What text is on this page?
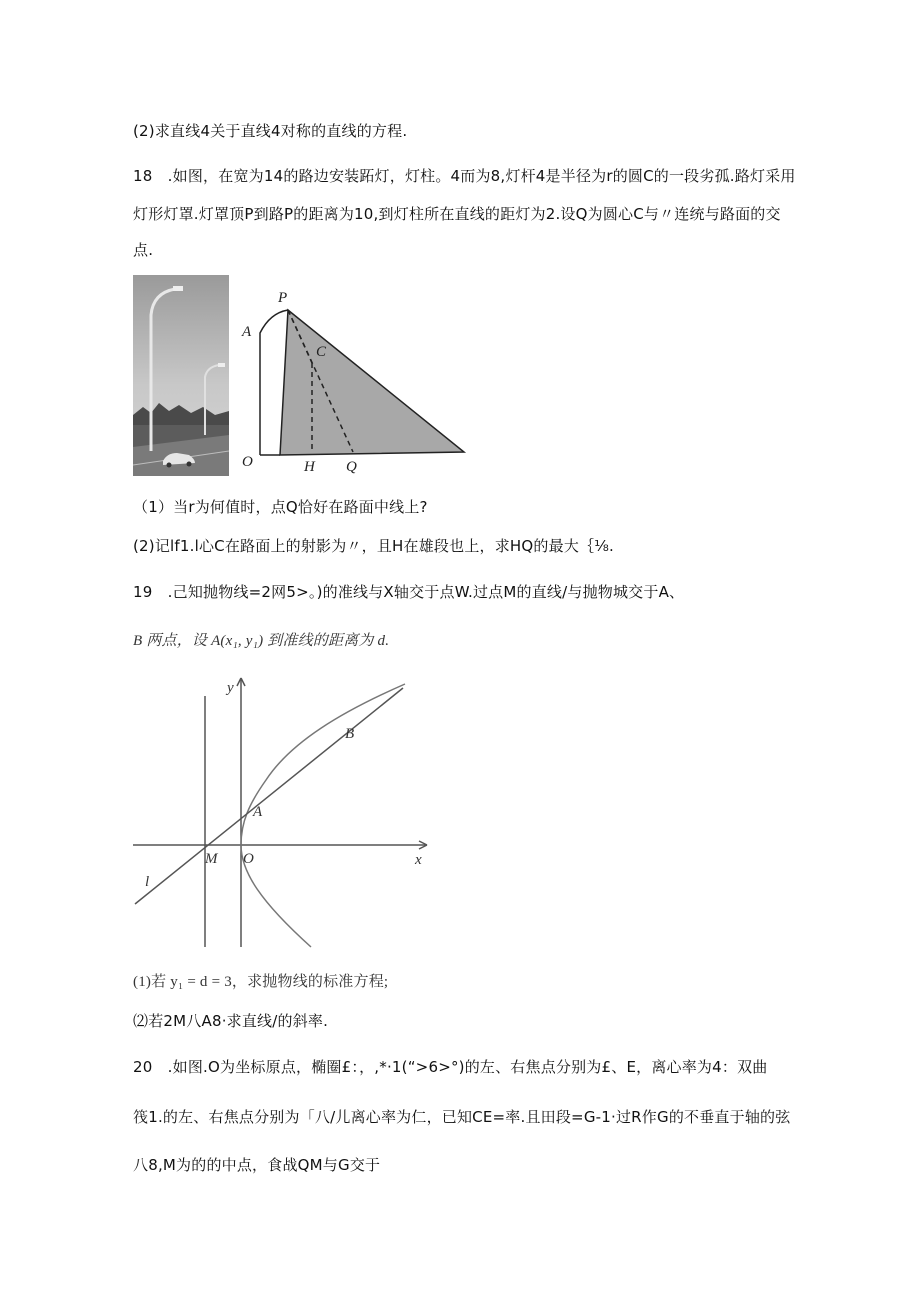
(2)求直线4关于直线4对称的直线的方程.
18　.如图，在宽为14的路边安装跖灯，灯柱。4而为8,灯杆4是半径为r的圆C的一段劣孤.路灯采用
灯形灯罩.灯罩顶P到路P的距离为10,到灯柱所在直线的距灯为2.设Q为圆心C与〃连统与路面的交
点.
P
A
C
O	H Q
（1）当r为何值时，点Q恰好在路面中线上?
(2)记lf1.l心C在路面上的射影为〃，且H在雄段也上，求HQ的最大｛⅛.
19　.己知抛物线=2网5>。)的准线与X轴交于点W.过点M的直线/与抛物城交于A、
B 两点，设 A(x₁, y₁) 到准线的距离为 d.
y
x
B
A
M O
l
(1)若 y₁ = d = 3，求抛物线的标准方程;
⑵若2M八A8·求直线/的斜率.
20　.如图.O为坐标原点，椭圈£：，,*·1(“>6>°)的左、右焦点分别为£、E，离心率为4：双曲
筏1.的左、右焦点分别为「八/儿离心率为仁，已知CE=率.且田段=G-1·过R作G的不垂直于轴的弦
八8,M为的的中点，食战QM与G交于
